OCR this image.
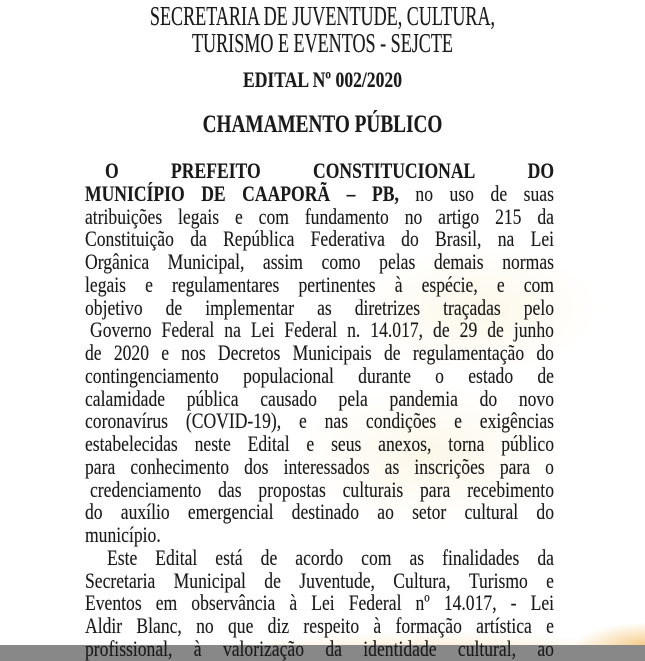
SECRETARIA DE JUVENTUDE, CULTURA,
TURISMO E EVENTOS - SEJCTE
EDITAL Nº 002/2020
CHAMAMENTO PÚBLICO
O PREFEITO CONSTITUCIONAL DO
MUNICÍPIO DE CAAPORÃ – PB, no uso de suas
atribuições legais e com fundamento no artigo 215 da
Constituição da República Federativa do Brasil, na Lei
Orgânica Municipal, assim como pelas demais normas
legais e regulamentares pertinentes à espécie, e com
objetivo de implementar as diretrizes traçadas pelo
Governo Federal na Lei Federal n. 14.017, de 29 de junho
de 2020 e nos Decretos Municipais de regulamentação do
contingenciamento populacional durante o estado de
calamidade pública causado pela pandemia do novo
coronavírus (COVID-19), e nas condições e exigências
estabelecidas neste Edital e seus anexos, torna público
para conhecimento dos interessados as inscrições para o
credenciamento das propostas culturais para recebimento
do auxílio emergencial destinado ao setor cultural do
município.
Este Edital está de acordo com as finalidades da
Secretaria Municipal de Juventude, Cultura, Turismo e
Eventos em observância à Lei Federal nº 14.017, - Lei
Aldir Blanc, no que diz respeito à formação artística e
profissional, à valorização da identidade cultural, ao
